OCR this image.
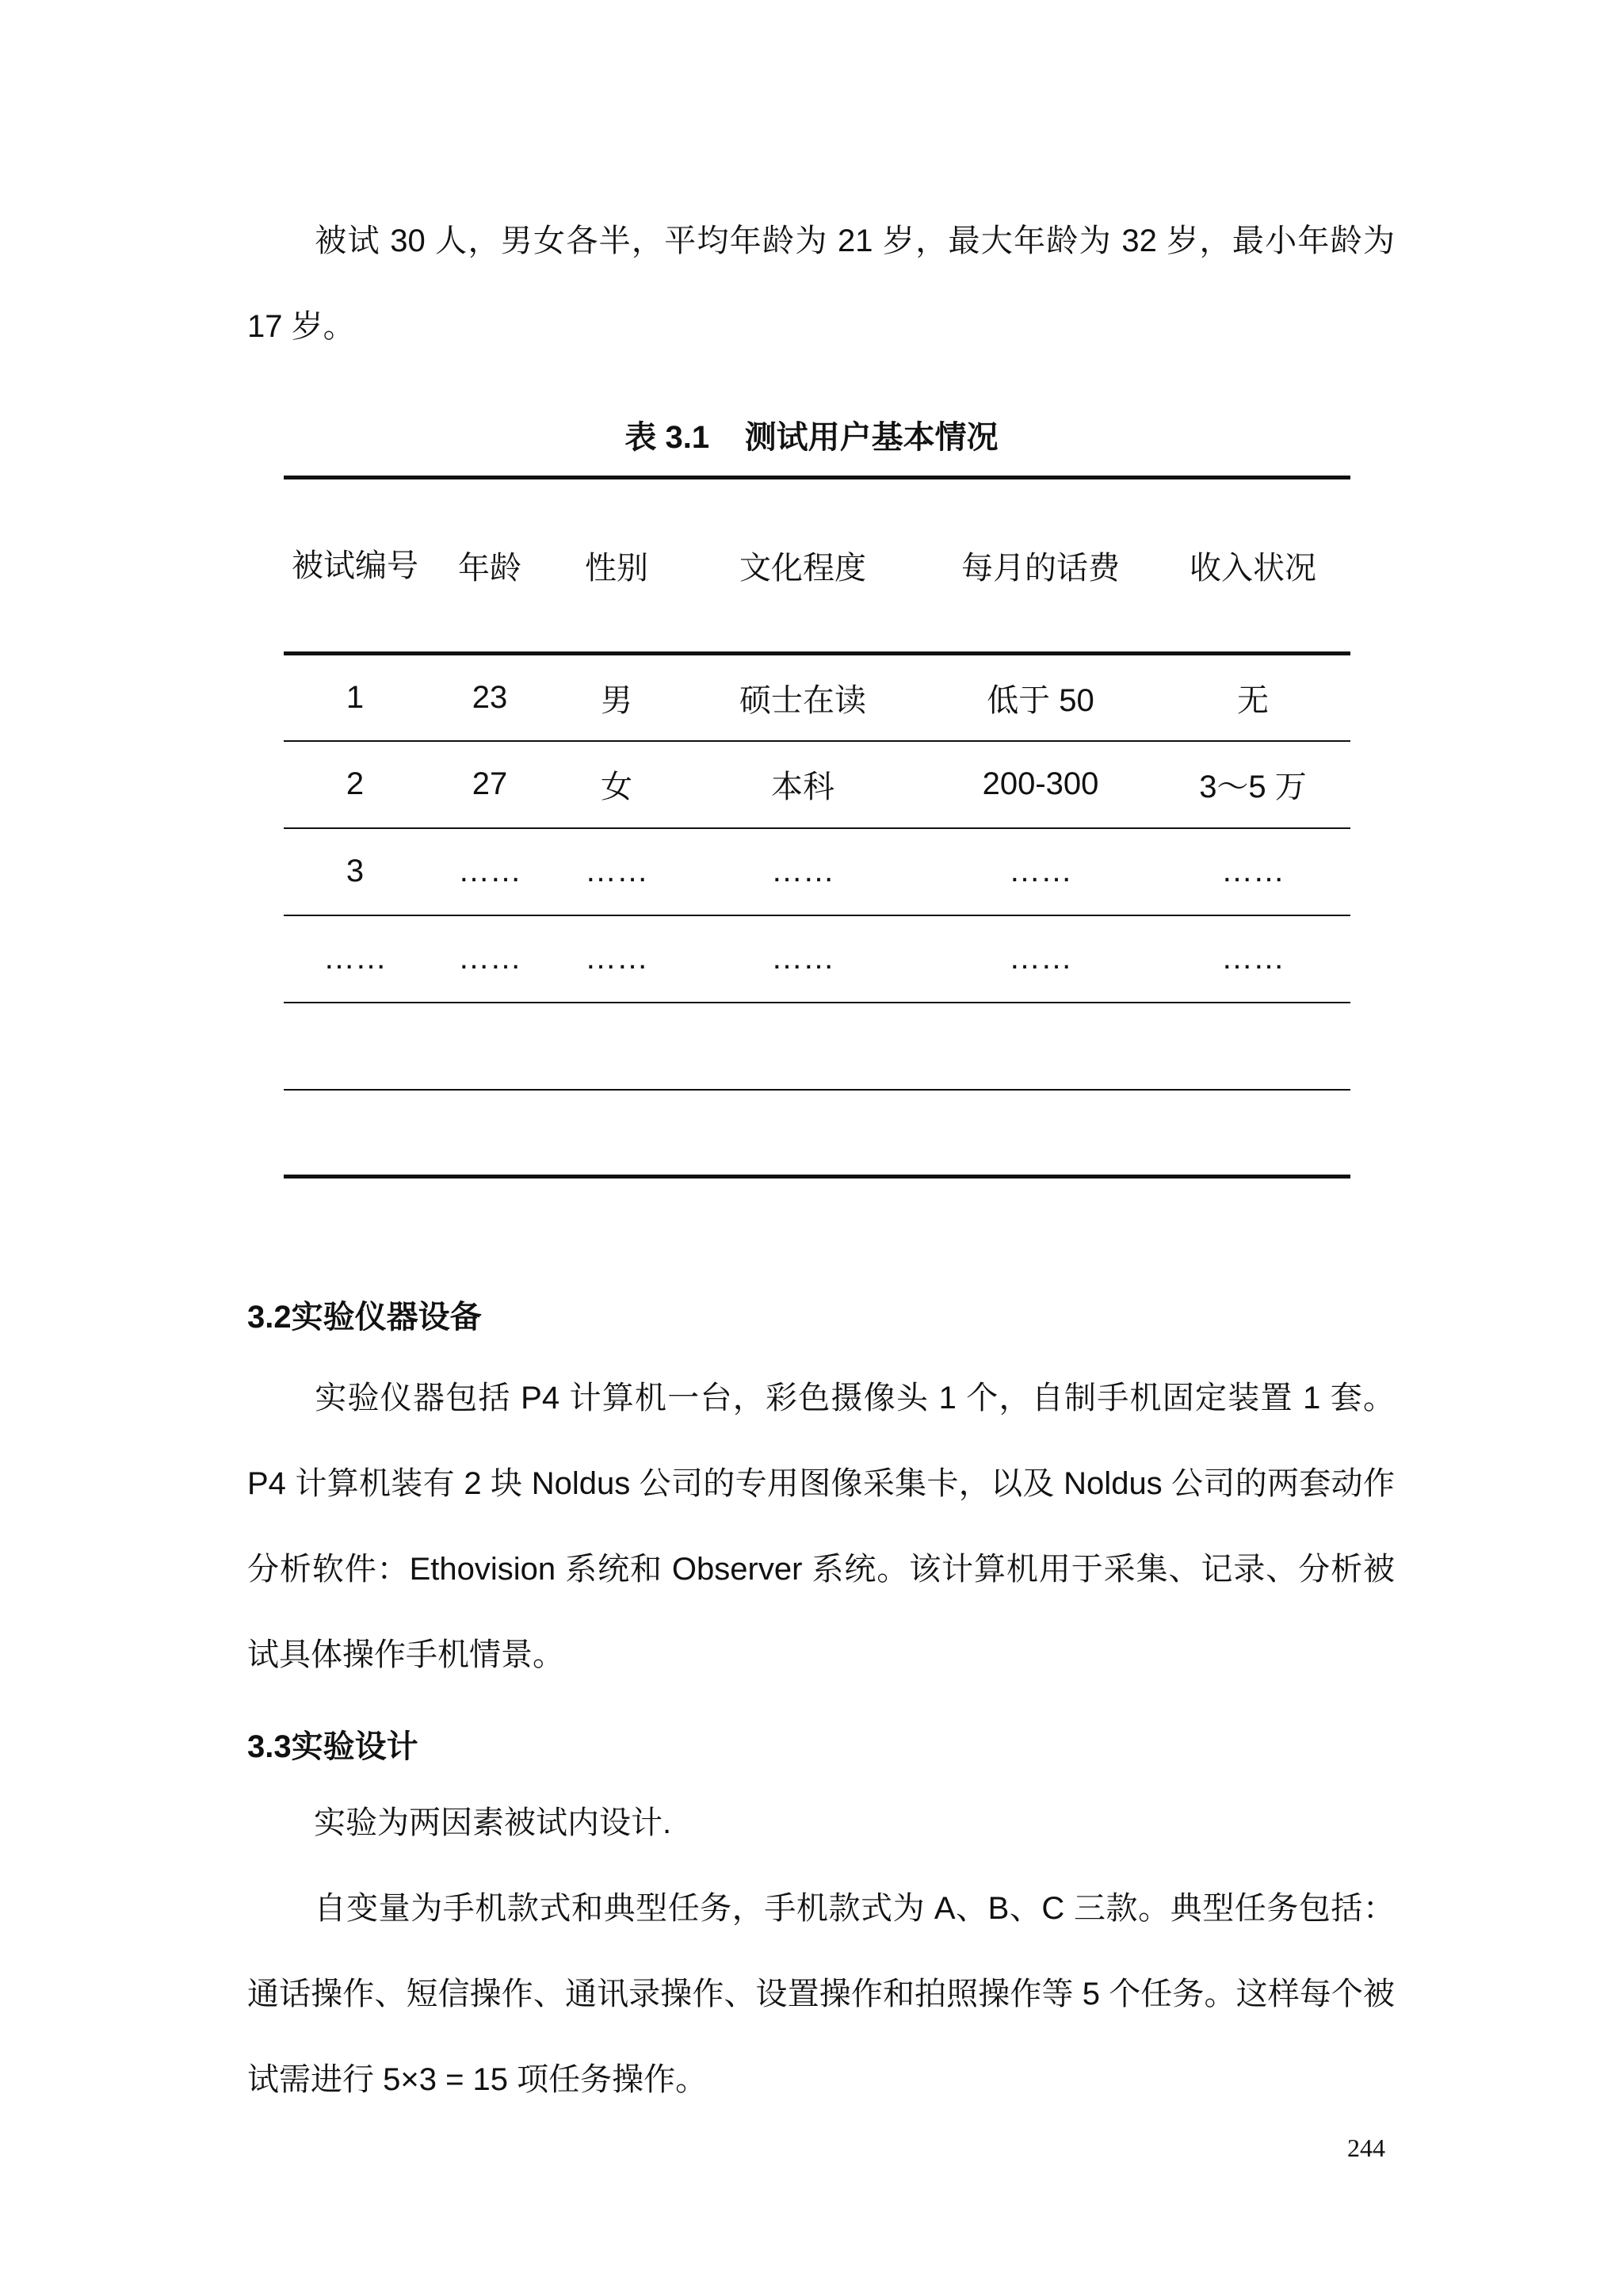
被试 30 人，男女各半，平均年龄为 21 岁，最大年龄为 32 岁，最小年龄为 17 岁。

表 3.1    测试用户基本情况
被试编号	年龄	性别	文化程度	每月的话费	收入状况
1	23	男	硕士在读	低于 50	无
2	27	女	本科	200-300	3～5 万
3	……	……	……	……	……
……	……	……	……	……	……

3.2实验仪器设备

实验仪器包括 P4 计算机一台，彩色摄像头 1 个，自制手机固定装置 1 套。P4 计算机装有 2 块 Noldus 公司的专用图像采集卡，以及 Noldus 公司的两套动作分析软件：Ethovision 系统和 Observer 系统。该计算机用于采集、记录、分析被试具体操作手机情景。

3.3实验设计

实验为两因素被试内设计.

自变量为手机款式和典型任务，手机款式为 A、B、C 三款。典型任务包括：通话操作、短信操作、通讯录操作、设置操作和拍照操作等 5 个任务。这样每个被试需进行 5×3 = 15 项任务操作。

244
